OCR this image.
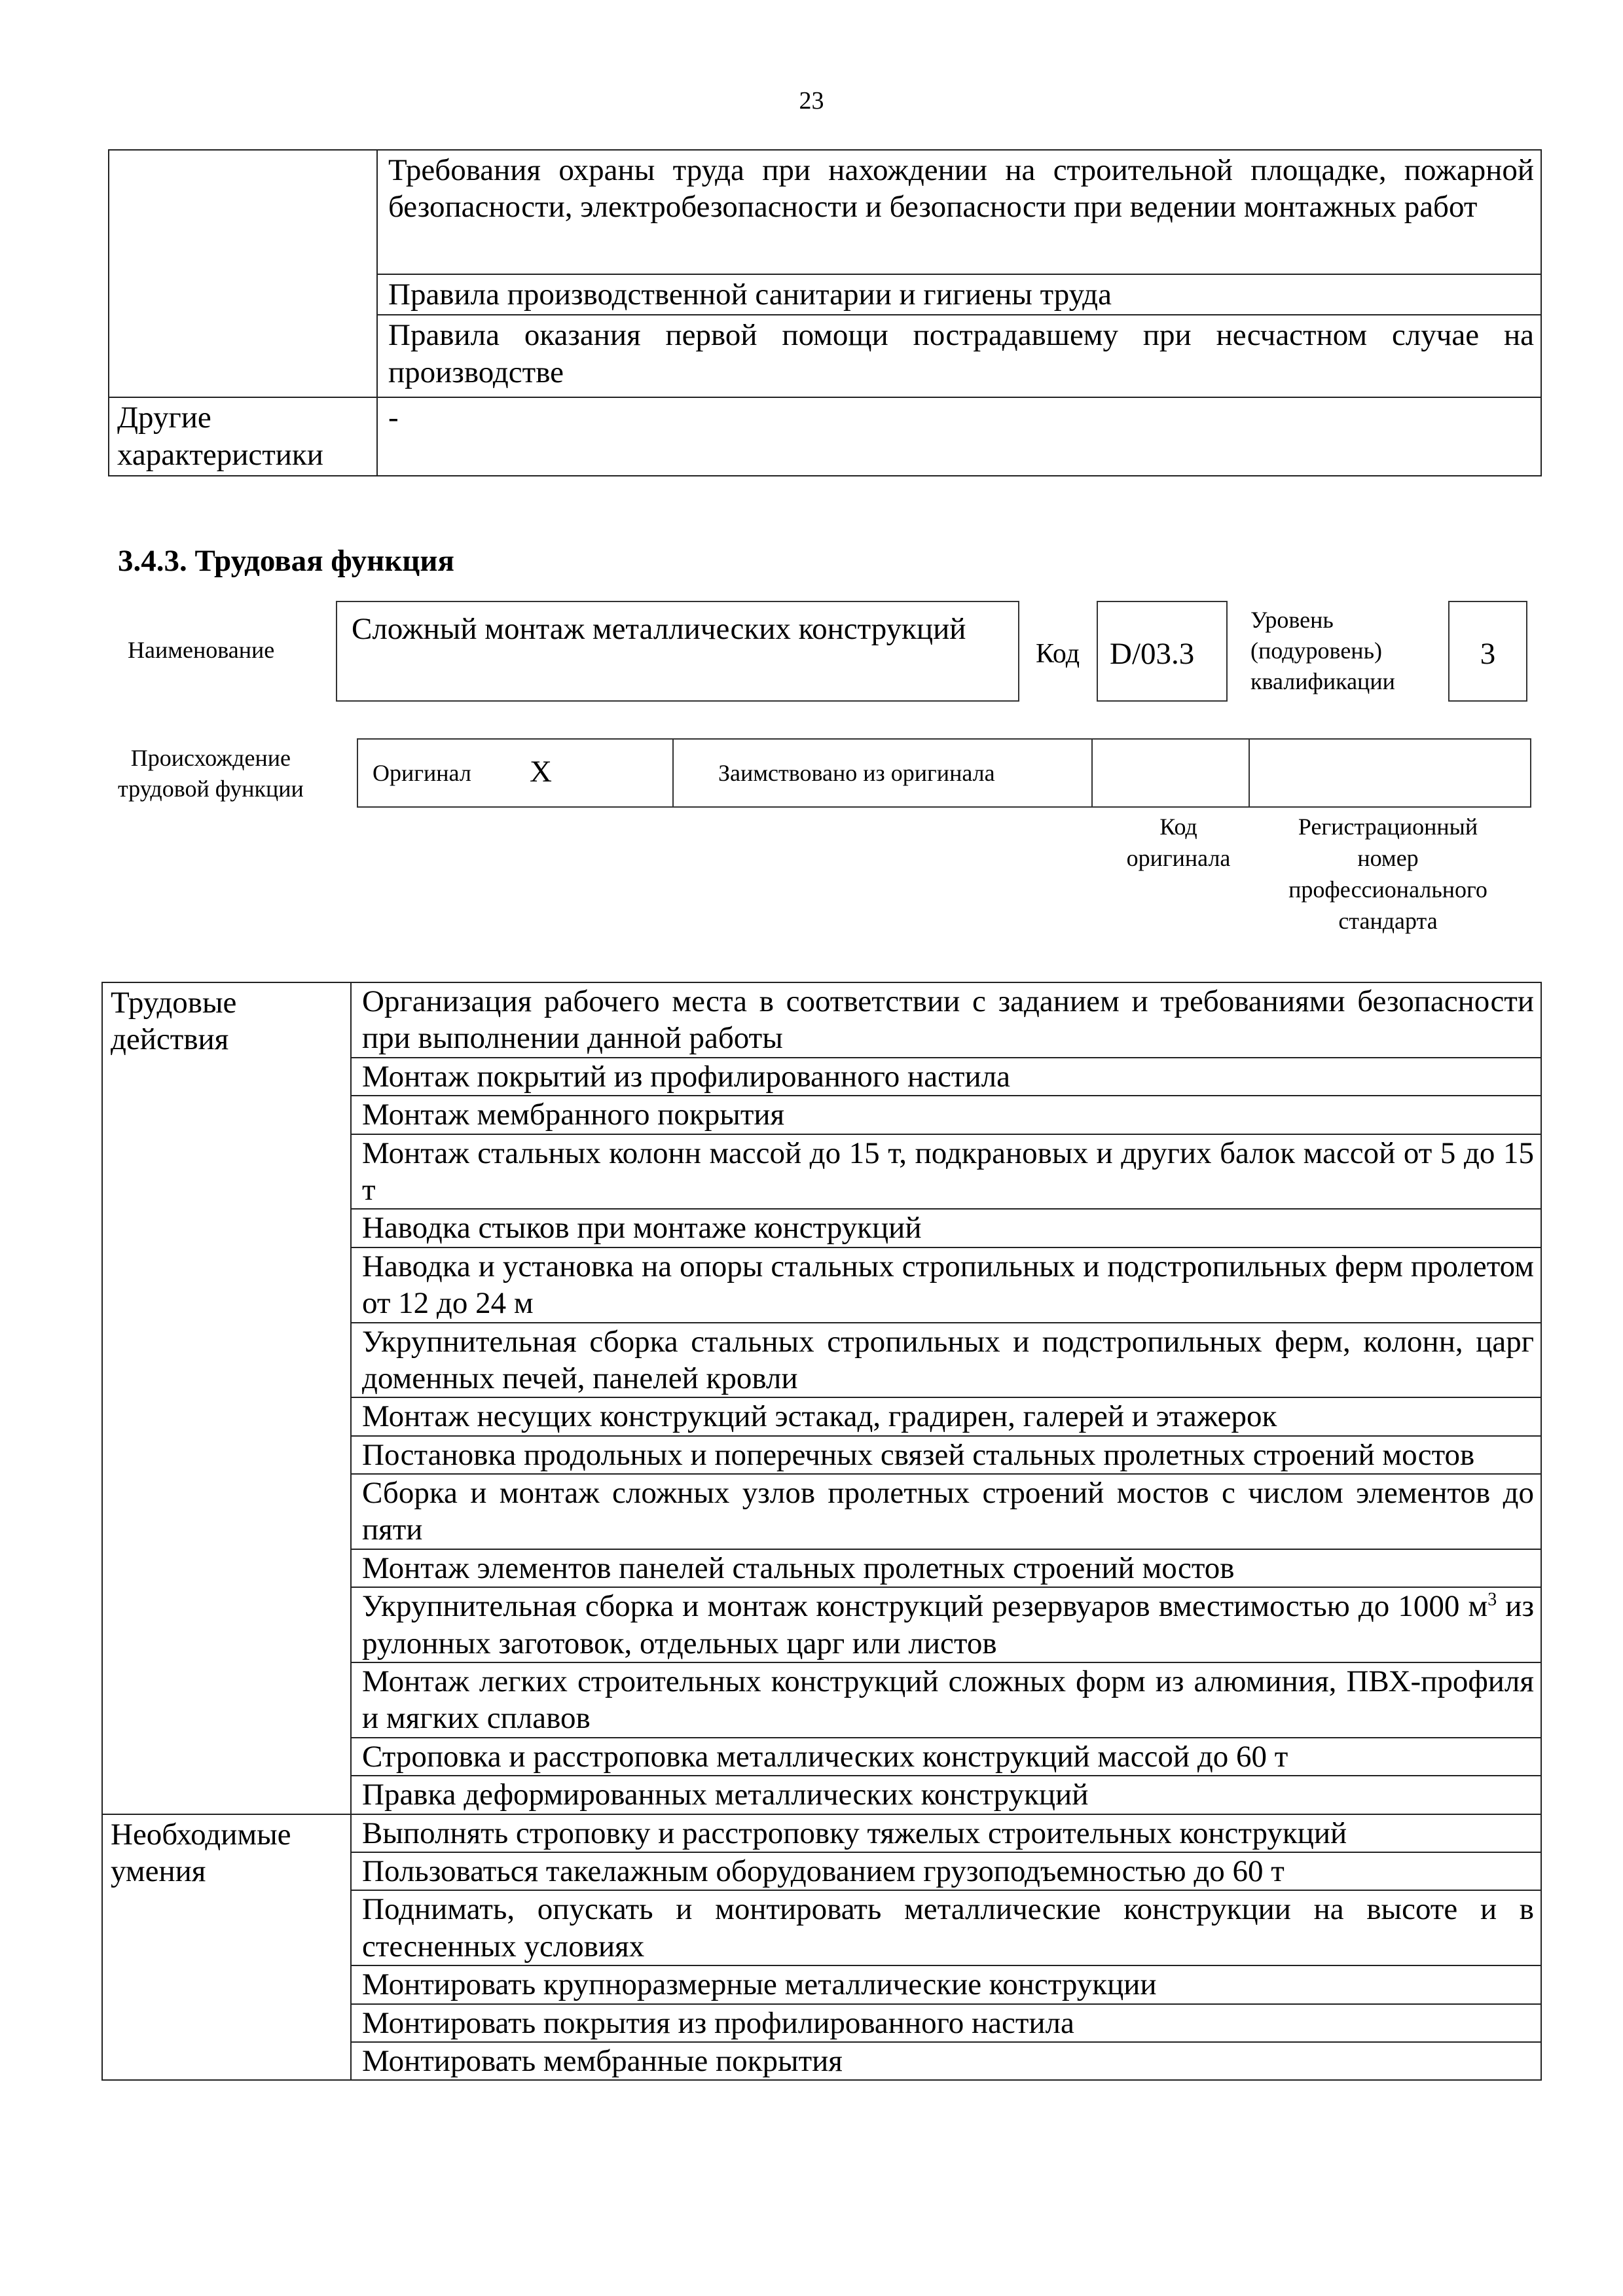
23
	Требования охраны труда при нахождении на строительной площадке, пожарной безопасности, электробезопасности и безопасности при ведении монтажных работ
	Правила производственной санитарии и гигиены труда
	Правила оказания первой помощи пострадавшему при несчастном случае на производстве
Другие характеристики	-
3.4.3. Трудовая функция
Наименование
Сложный монтаж металлических конструкций
Код D/03.3
Уровень
(подуровень)
квалификации
3
Происхождение
трудовой функции
Оригинал X	Заимствовано из оригинала
Код
оригинала
Регистрационный
номер
профессионального
стандарта
Трудовые
действия	Организация рабочего места в соответствии с заданием и требованиями безопасности при выполнении данной работы
	Монтаж покрытий из профилированного настила
	Монтаж мембранного покрытия
	Монтаж стальных колонн массой до 15 т, подкрановых и других балок массой от 5 до 15 т
	Наводка стыков при монтаже конструкций
	Наводка и установка на опоры стальных стропильных и подстропильных ферм пролетом от 12 до 24 м
	Укрупнительная сборка стальных стропильных и подстропильных ферм, колонн, царг доменных печей, панелей кровли
	Монтаж несущих конструкций эстакад, градирен, галерей и этажерок
	Постановка продольных и поперечных связей стальных пролетных строений мостов
	Сборка и монтаж сложных узлов пролетных строений мостов с числом элементов до пяти
	Монтаж элементов панелей стальных пролетных строений мостов
	Укрупнительная сборка и монтаж конструкций резервуаров вместимостью до 1000 $м^3$ из рулонных заготовок, отдельных царг или листов
	Монтаж легких строительных конструкций сложных форм из алюминия, ПВХ-профиля и мягких сплавов
	Строповка и расстроповка металлических конструкций массой до 60 т
	Правка деформированных металлических конструкций

Необходимые
умения	Выполнять строповку и расстроповку тяжелых строительных конструкций
	Пользоваться такелажным оборудованием грузоподъемностью до 60 т
	Поднимать, опускать и монтировать металлические конструкции на высоте и в стесненных условиях
	Монтировать крупноразмерные металлические конструкции
	Монтировать покрытия из профилированного настила
	Монтировать мембранные покрытия
